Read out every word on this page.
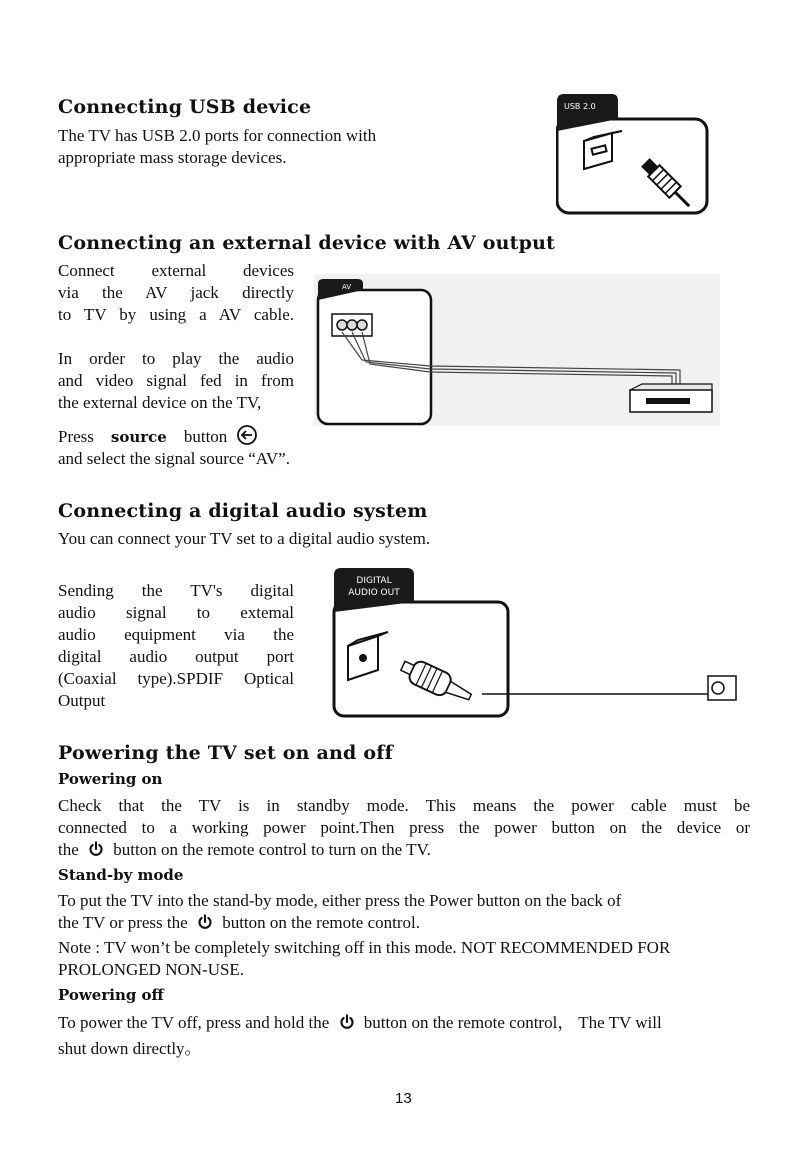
Connecting USB device
The TV has USB 2.0 ports for connection with
appropriate mass storage devices.
USB 2.0
Connecting an external device with AV output
Connect external devices
via the AV jack directly
to TV by using a AV cable.
In order to play the audio
and video signal fed in from
the external device on the TV,
Press source button
and select the signal source “AV”.
AV
Connecting a digital audio system
You can connect your TV set to a digital audio system.
Sending the TV's digital
audio signal to extemal
audio equipment via the
digital audio output port
(Coaxial type).SPDIF Optical
Output
DIGITAL
AUDIO OUT
Powering the TV set on and off
Powering on
Check that the TV is in standby mode. This means the power cable must be
connected to a working power point.Then press the power button on the device or
the button on the remote control to turn on the TV.
Stand-by mode
To put the TV into the stand-by mode, either press the Power button on the back of
the TV or press the button on the remote control.
Note : TV won’t be completely switching off in this mode. NOT RECOMMENDED FOR
PROLONGED NON-USE.
Powering off
To power the TV off, press and hold the button on the remote control， The TV will
shut down directly。
13
